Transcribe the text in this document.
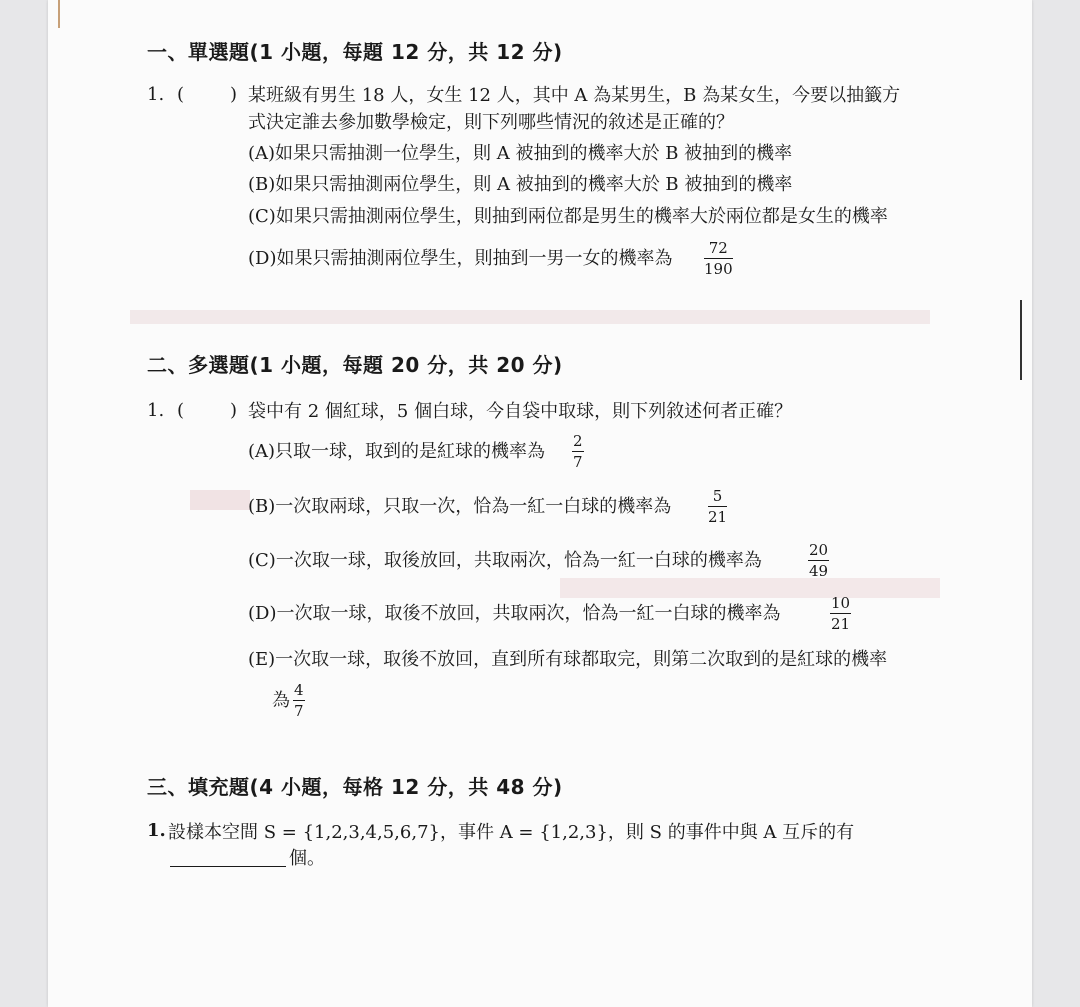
一、單選題(1 小題，每題 12 分，共 12 分)
1. (	) 某班級有男生 18 人，女生 12 人，其中 A 為某男生，B 為某女生，今要以抽籤方
式決定誰去參加數學檢定，則下列哪些情況的敘述是正確的？
(A)如果只需抽測一位學生，則 A 被抽到的機率大於 B 被抽到的機率
(B)如果只需抽測兩位學生，則 A 被抽到的機率大於 B 被抽到的機率
(C)如果只需抽測兩位學生，則抽到兩位都是男生的機率大於兩位都是女生的機率
(D)如果只需抽測兩位學生，則抽到一男一女的機率為	72
190
二、多選題(1 小題，每題 20 分，共 20 分)
1. (	) 袋中有 2 個紅球，5 個白球，今自袋中取球，則下列敘述何者正確？
(A)只取一球，取到的是紅球的機率為 2
7
(B)一次取兩球，只取一次，恰為一紅一白球的機率為	5
21
(C)一次取一球，取後放回，共取兩次，恰為一紅一白球的機率為	20
49
(D)一次取一球，取後不放回，共取兩次，恰為一紅一白球的機率為	10
21
(E)一次取一球，取後不放回，直到所有球都取完，則第二次取到的是紅球的機率
為 4
7
三、填充題(4 小題，每格 12 分，共 48 分)
1. 設樣本空間 S = {1,2,3,4,5,6,7}，事件 A = {1,2,3}，則 S 的事件中與 A 互斥的有
個。
